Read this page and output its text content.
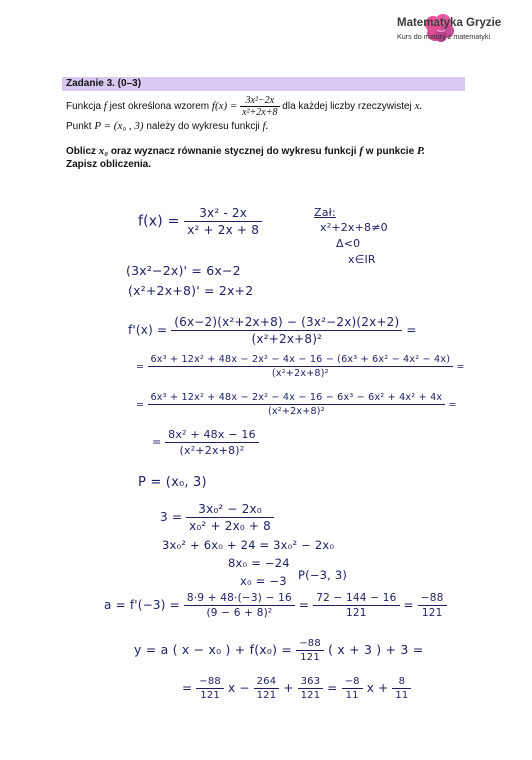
Matematyka Gryzie
Kurs do matury z matematyki
Zadanie 3. (0–3)
Funkcja f jest określona wzorem $f(x) = \frac{\text{3x²−2x}}{\text{x²+2x+8}}$ dla każdej liczby rzeczywistej x.
Punkt P = (x₀ , 3) należy do wykresu funkcji f.
Oblicz x₀ oraz wyznacz równanie stycznej do wykresu funkcji f w punkcie P.
Zapisz obliczenia.
$f(x) = \frac{\text{3x² - 2x}}{\text{x² + 2x + 8}}$	Zał:
x²+2x+8≠0
Δ<0
x∈IR
(3x²−2x)' = 6x−2
(x²+2x+8)' = 2x+2
$f'(x) = \frac{\text{(6x−2)(x²+2x+8) − (3x²−2x)(2x+2)}}{\text{(x²+2x+8)²}}$ =
= $\frac{\text{6x³ + 12x² + 48x − 2x² − 4x − 16 − (6x³ + 6x² − 4x² − 4x)}}{\text{(x²+2x+8)²}}$ =
= $\frac{\text{6x³ + 12x² + 48x − 2x² − 4x − 16 − 6x³ − 6x² + 4x² + 4x}}{\text{(x²+2x+8)²}}$ =
= $\frac{\text{8x² + 48x − 16}}{\text{(x²+2x+8)²}}$
P = (x₀, 3)
$3 = \frac{\text{3x₀² − 2x₀}}{\text{x₀² + 2x₀ + 8}}$
3x₀² + 6x₀ + 24 = 3x₀² − 2x₀
8x₀ = −24
x₀ = −3 P(−3, 3)
$a = f'(-3) = \frac{8\cdot 9 + 48\cdot(-3) - 16}{\text{(9 − 6 + 8)²}} = \frac{72 - 144 - 16}{121} = \frac{-88}{121}$
y = a ( x − x₀ ) + $f(x_0) = \frac{-88}{121}$ ( x + 3 ) + 3 =
= $\frac{-88}{121}$ $x - \frac{264}{121} + \frac{363}{121} = \frac{-8}{11}$ $x + \frac{8}{11}$
